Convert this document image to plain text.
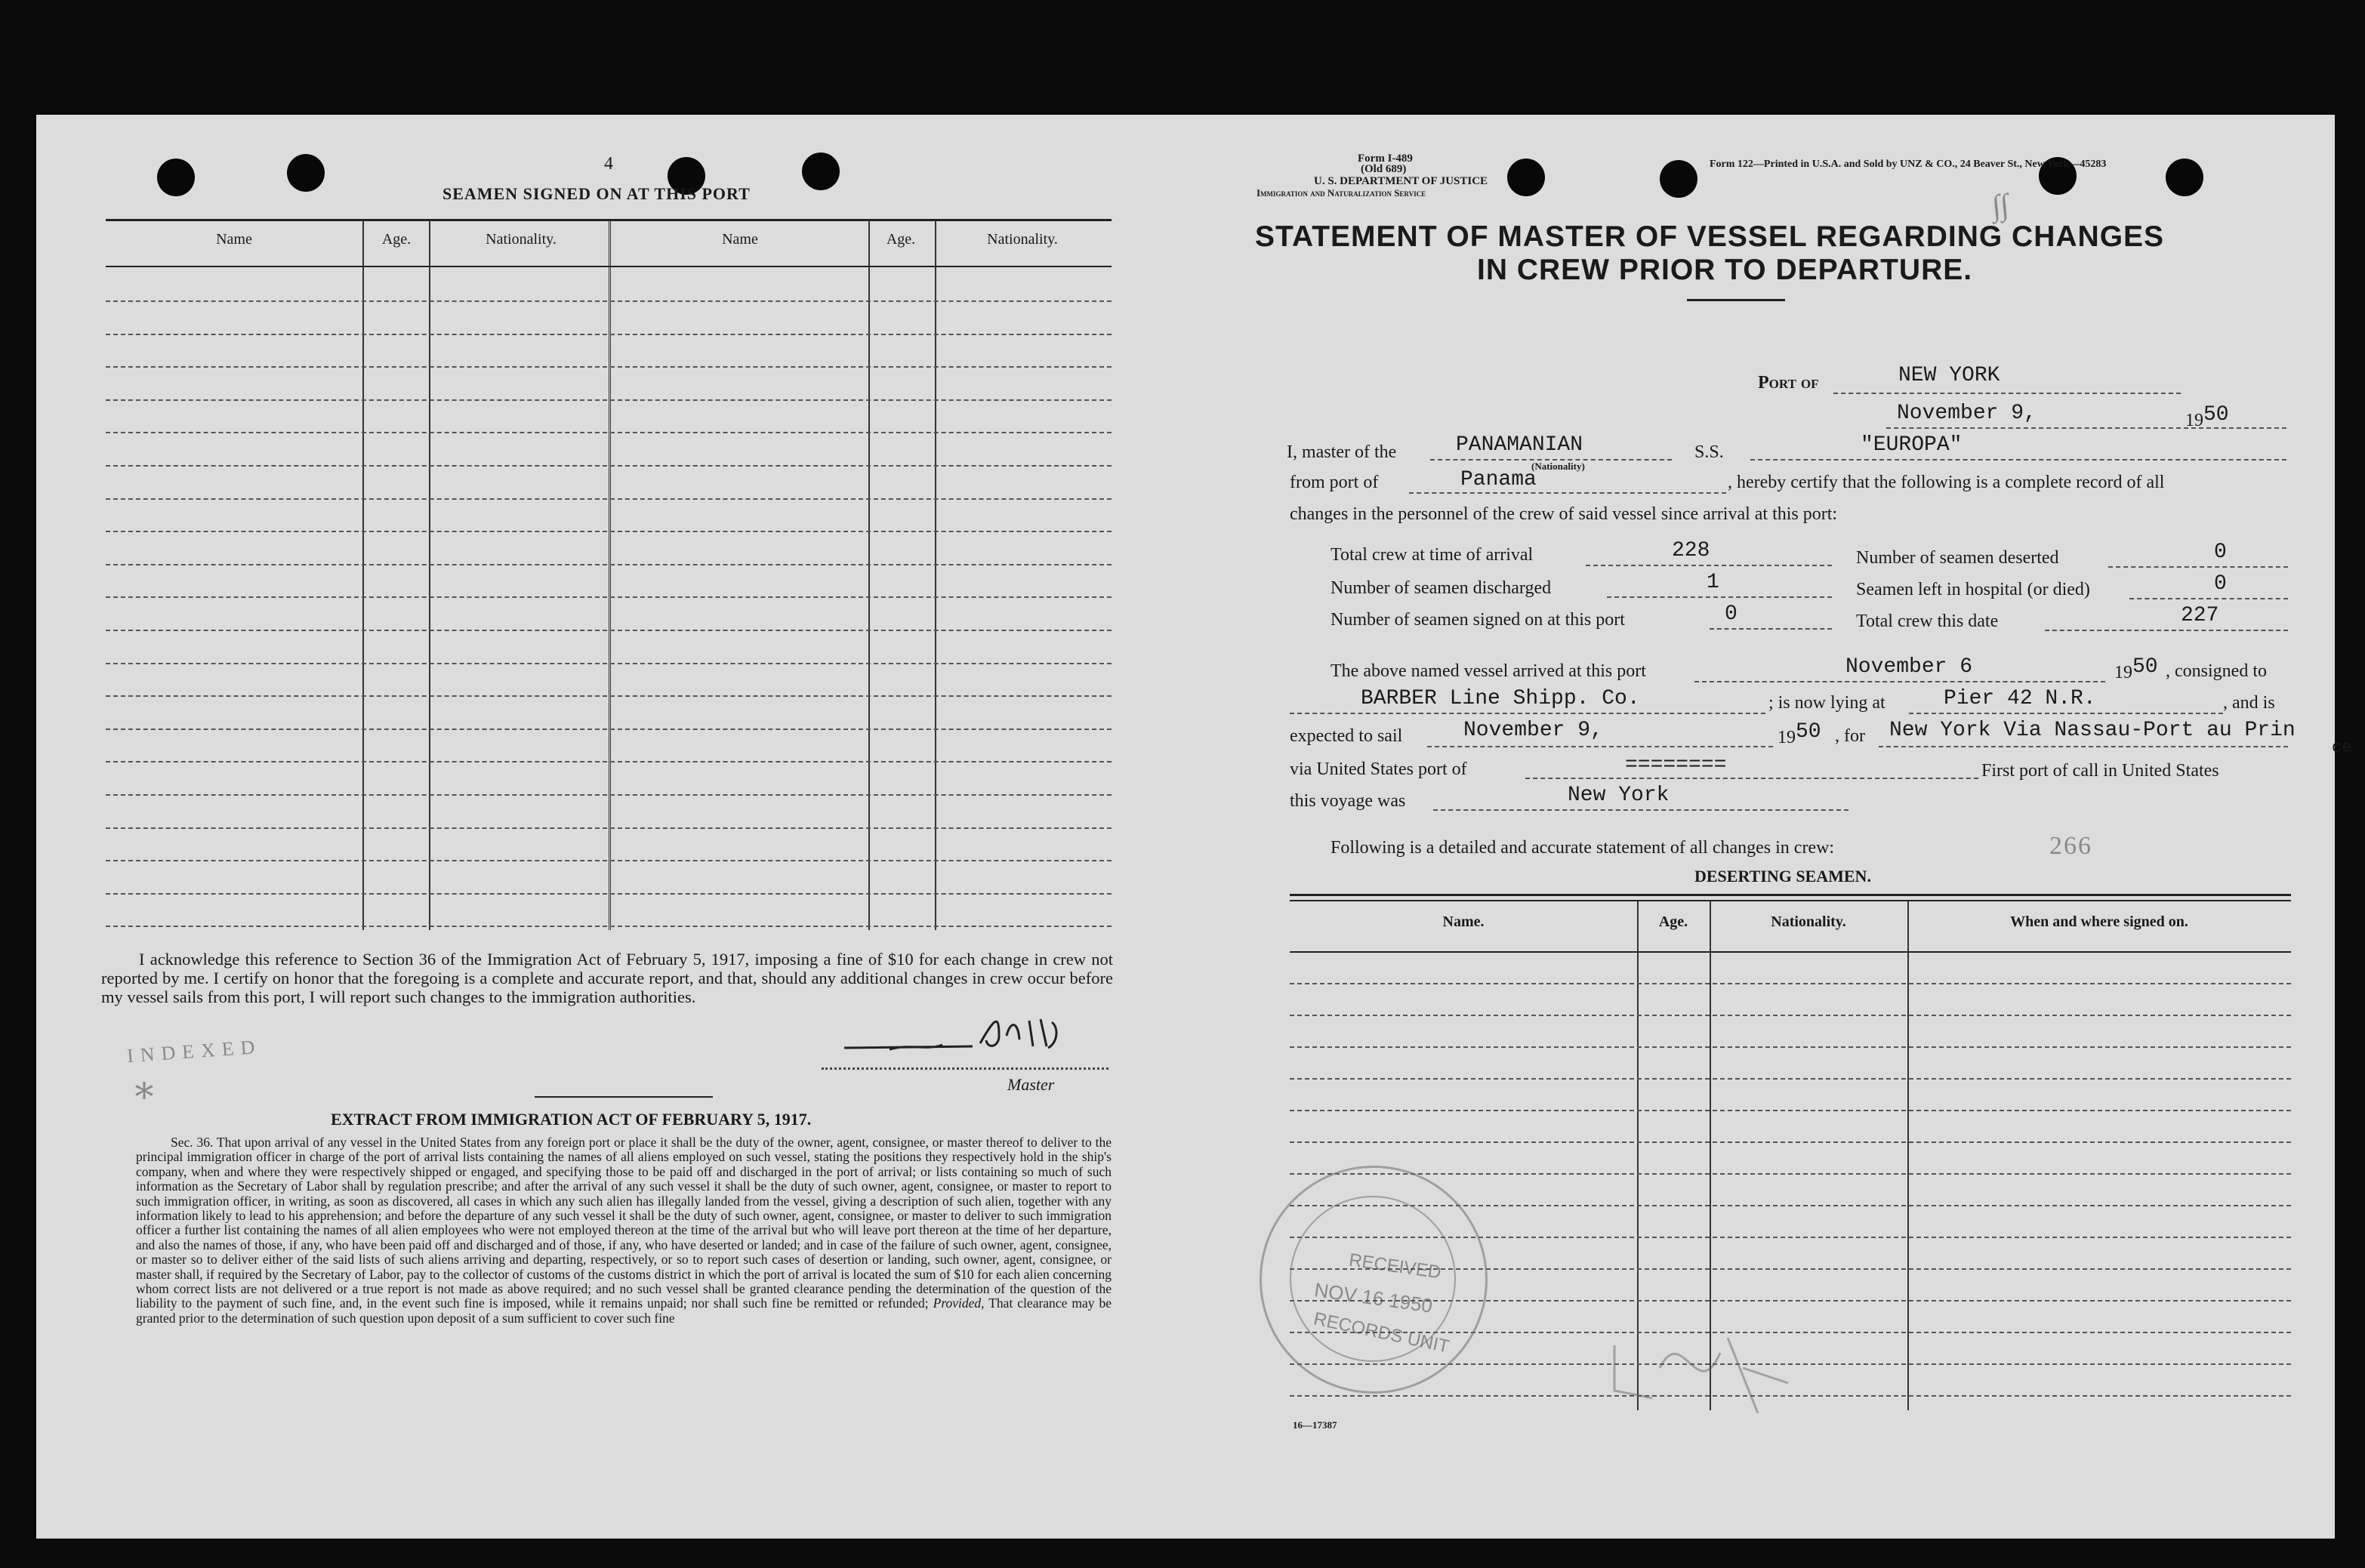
4
SEAMEN SIGNED ON AT THIS PORT
Name	Age.	Nationality.	Name	Age.	Nationality.
I acknowledge this reference to Section 36 of the Immigration Act of February 5, 1917, imposing a fine of $10 for each change in crew not reported by me. I certify on honor that the foregoing is a complete and accurate report, and that, should any additional changes in crew occur before my vessel sails from this port, I will report such changes to the immigration authorities.
INDEXED
∗	Master
EXTRACT FROM IMMIGRATION ACT OF FEBRUARY 5, 1917.
Sec. 36. That upon arrival of any vessel in the United States from any foreign port or place it shall be the duty of the owner, agent, consignee, or master thereof to deliver to the principal immigration officer in charge of the port of arrival lists containing the names of all aliens employed on such vessel, stating the positions they respectively hold in the ship's company, when and where they were respectively shipped or engaged, and specifying those to be paid off and discharged in the port of arrival; or lists containing so much of such information as the Secretary of Labor shall by regulation prescribe; and after the arrival of any such vessel it shall be the duty of such owner, agent, consignee, or master to report to such immigration officer, in writing, as soon as discovered, all cases in which any such alien has illegally landed from the vessel, giving a description of such alien, together with any information likely to lead to his apprehension; and before the departure of any such vessel it shall be the duty of such owner, agent, consignee, or master to deliver to such immigration officer a further list containing the names of all alien employees who were not employed thereon at the time of the arrival but who will leave port thereon at the time of her departure, and also the names of those, if any, who have been paid off and discharged and of those, if any, who have deserted or landed; and in case of the failure of such owner, agent, consignee, or master so to deliver either of the said lists of such aliens arriving and departing, respectively, or so to report such cases of desertion or landing, such owner, agent, consignee, or master shall, if required by the Secretary of Labor, pay to the collector of customs of the customs district in which the port of arrival is located the sum of $10 for each alien concerning whom correct lists are not delivered or a true report is not made as above required; and no such vessel shall be granted clearance pending the determination of the question of the liability to the payment of such fine, and, in the event such fine is imposed, while it remains unpaid; nor shall such fine be remitted or refunded; Provided, That clearance may be granted prior to the determination of such question upon deposit of a sum sufficient to cover such fine
Form I-489
(Old 689)
U. S. DEPARTMENT OF JUSTICE
Immigration and Naturalization Service
Form 122—Printed in U.S.A. and Sold by UNZ & CO., 24 Beaver St., New York—45283
∫∫
STATEMENT OF MASTER OF VESSEL REGARDING CHANGES
IN CREW PRIOR TO DEPARTURE.
Port of	NEW YORK
November 9,	1950
I, master of the	PANAMANIAN
(Nationality)
S.S.	"EUROPA"
from port of	Panama	, hereby certify that the following is a complete record of all
changes in the personnel of the crew of said vessel since arrival at this port:
Total crew at time of arrival	228	Number of seamen deserted	0
Number of seamen discharged	1	Seamen left in hospital (or died)	0
Number of seamen signed on at this port	0	Total crew this date	227
The above named vessel arrived at this port	November 6	1950 , consigned to
BARBER Line Shipp. Co.	; is now lying at	Pier 42 N.R.	, and is
expected to sail	November 9,	1950 , for New York Via Nassau-Port au Prin
ce
via United States port of	========	First port of call in United States
this voyage was	New York
Following is a detailed and accurate statement of all changes in crew:	266
DESERTING SEAMEN.
Name.	Age.	Nationality.	When and where signed on.
16—17387
RECEIVED
NOV 16 1950
RECORDS UNIT
